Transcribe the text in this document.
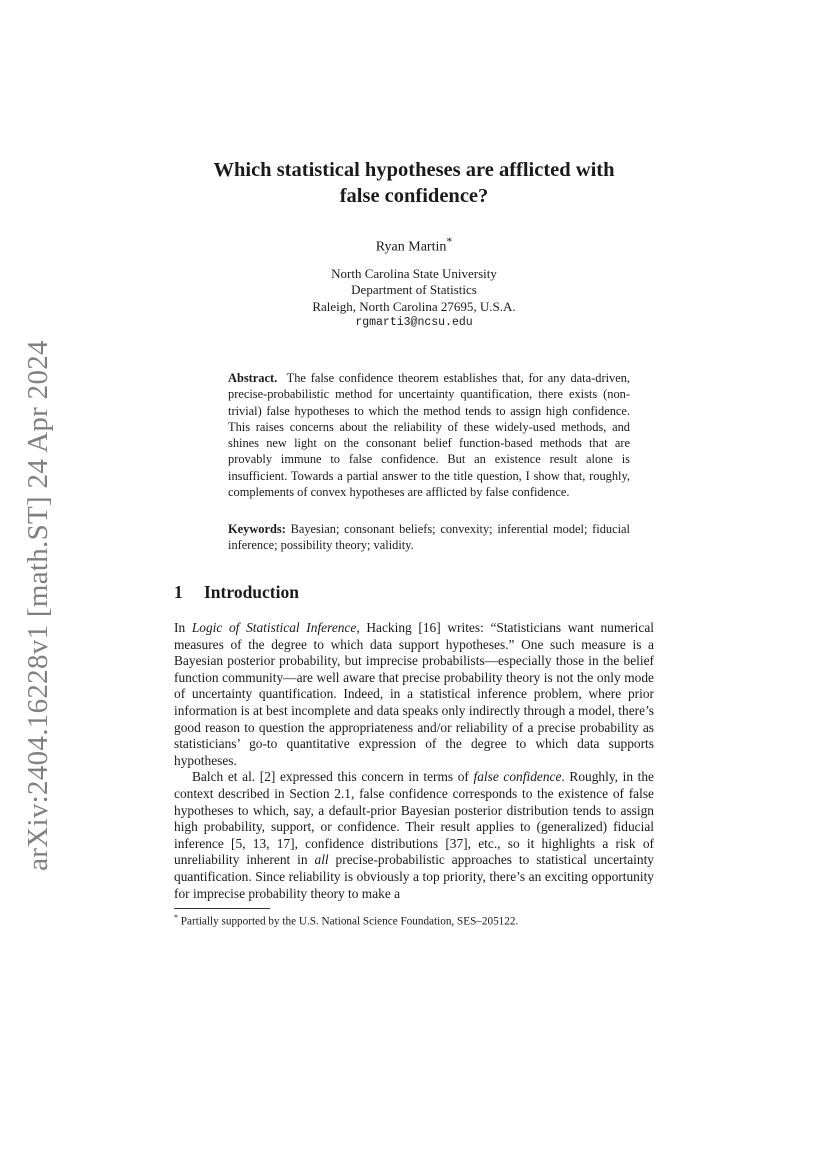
arXiv:2404.16228v1 [math.ST] 24 Apr 2024
Which statistical hypotheses are afflicted with
false confidence?
Ryan Martin*
North Carolina State University
Department of Statistics
Raleigh, North Carolina 27695, U.S.A.
rgmarti3@ncsu.edu
Abstract. The false confidence theorem establishes that, for any data-driven, precise-probabilistic method for uncertainty quantification, there exists (non-trivial) false hypotheses to which the method tends to assign high confidence. This raises concerns about the reliability of these widely-used methods, and shines new light on the consonant belief function-based methods that are provably immune to false confidence. But an existence result alone is insufficient. Towards a partial answer to the title question, I show that, roughly, complements of convex hypotheses are afflicted by false confidence.
Keywords: Bayesian; consonant beliefs; convexity; inferential model; fiducial inference; possibility theory; validity.
1 Introduction

In Logic of Statistical Inference, Hacking [16] writes: “Statisticians want numerical measures of the degree to which data support hypotheses.” One such measure is a Bayesian posterior probability, but imprecise probabilists—especially those in the belief function community—are well aware that precise probability theory is not the only mode of uncertainty quantification. Indeed, in a statistical inference problem, where prior information is at best incomplete and data speaks only indirectly through a model, there’s good reason to question the appropriateness and/or reliability of a precise probability as statisticians’ go-to quantitative expression of the degree to which data supports hypotheses.

Balch et al. [2] expressed this concern in terms of false confidence. Roughly, in the context described in Section 2.1, false confidence corresponds to the existence of false hypotheses to which, say, a default-prior Bayesian posterior distribution tends to assign high probability, support, or confidence. Their result applies to (generalized) fiducial inference [5, 13, 17], confidence distributions [37], etc., so it highlights a risk of unreliability inherent in all precise-probabilistic approaches to statistical uncertainty quantification. Since reliability is obviously a top priority, there’s an exciting opportunity for imprecise probability theory to make a

* Partially supported by the U.S. National Science Foundation, SES–205122.
